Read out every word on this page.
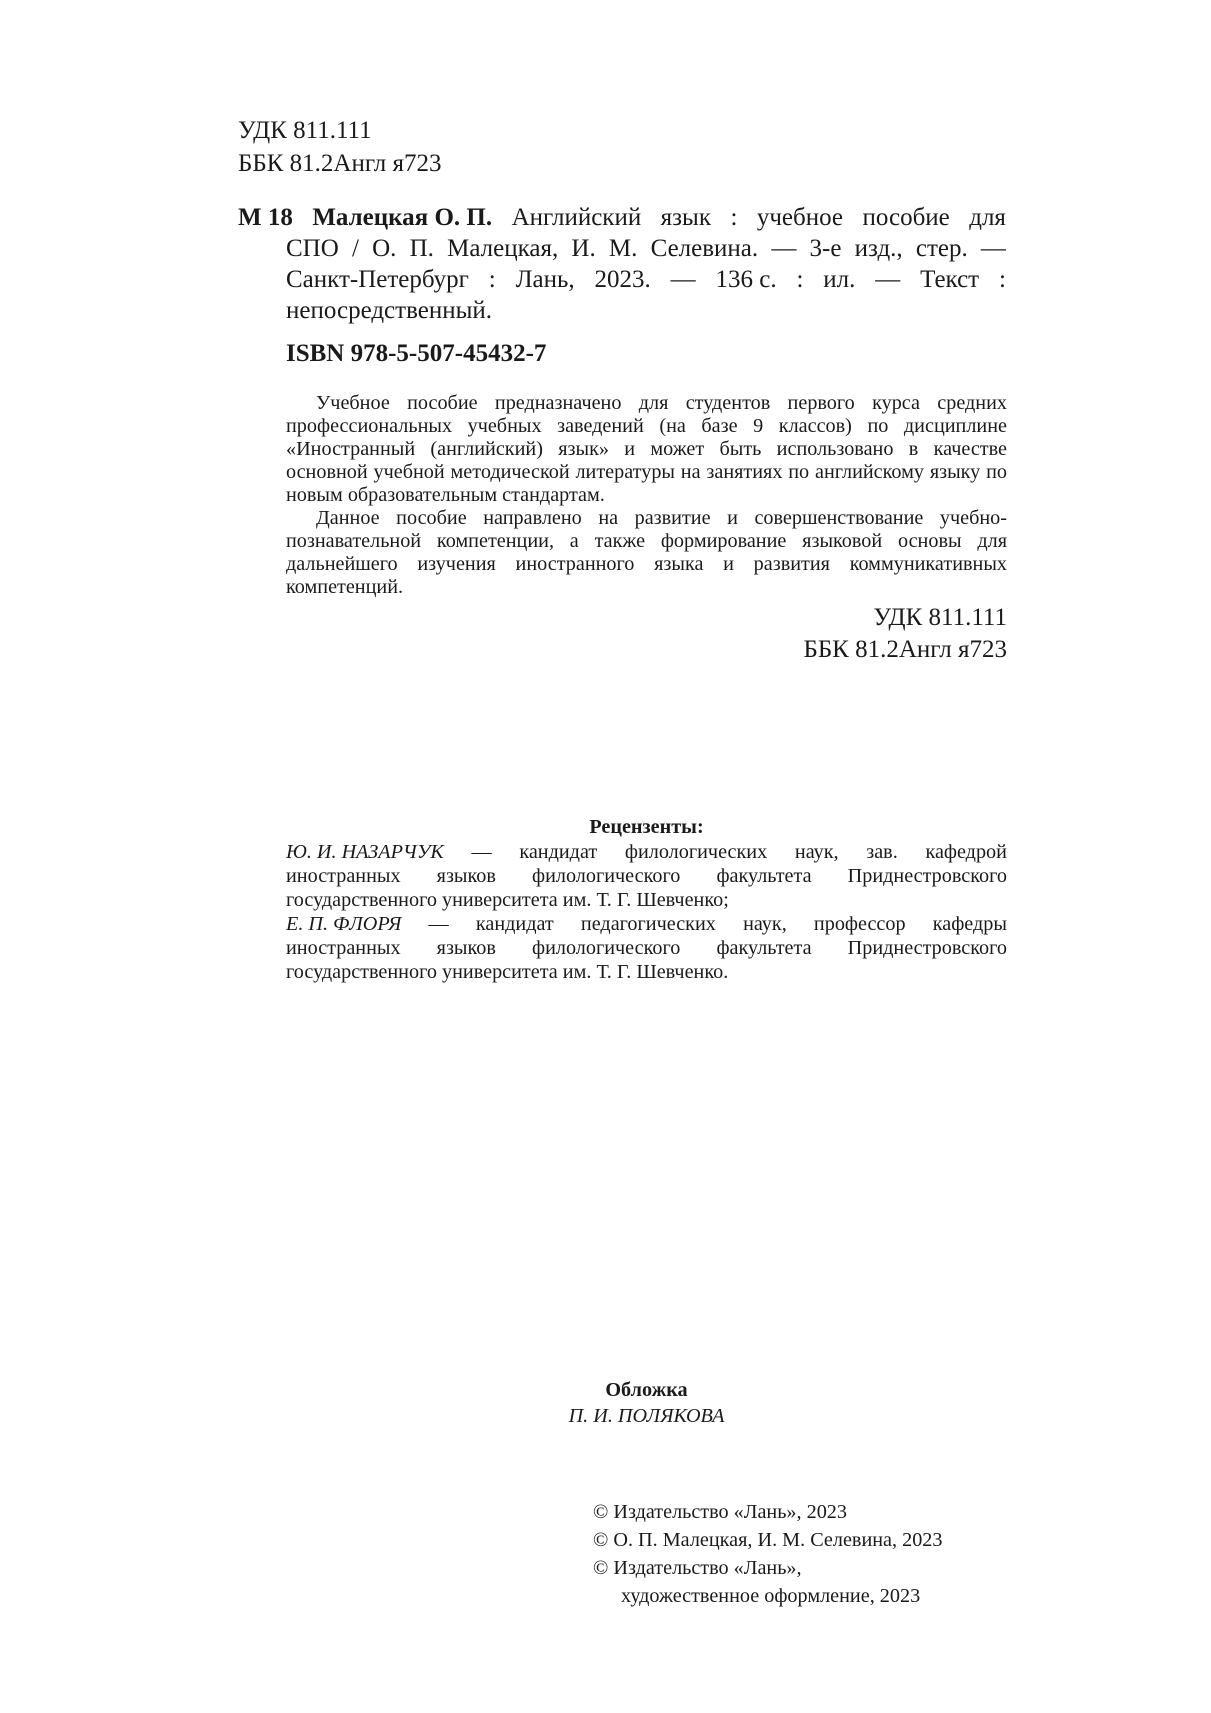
УДК 811.111
ББК 81.2Англ я723
М 18 Малецкая О. П. Английский язык : учебное пособие для
СПО / О. П. Малецкая, И. М. Селевина. — 3-е изд., стер. —
Санкт-Петербург : Лань, 2023. — 136 с. : ил. — Текст :
непосредственный.
ISBN 978-5-507-45432-7

Учебное пособие предназначено для студентов первого курса средних профессиональных учебных заведений (на базе 9 классов) по дисциплине «Иностранный (английский) язык» и может быть использовано в качестве основной учебной методической литературы на занятиях по английскому языку по новым образовательным стандартам.

Данное пособие направлено на развитие и совершенствование учебно-познавательной компетенции, а также формирование языковой основы для дальнейшего изучения иностранного языка и развития коммуникативных компетенций.

УДК 811.111
ББК 81.2Англ я723
Рецензенты:
Ю. И. НАЗАРЧУК — кандидат филологических наук, зав. кафедрой
иностранных языков филологического факультета Приднестровского
государственного университета им. Т. Г. Шевченко;
Е. П. ФЛОРЯ — кандидат педагогических наук, профессор кафедры
иностранных языков филологического факультета Приднестровского
государственного университета им. Т. Г. Шевченко.
Обложка
П. И. ПОЛЯКОВА
© Издательство «Лань», 2023
© О. П. Малецкая, И. М. Селевина, 2023
© Издательство «Лань»,
художественное оформление, 2023
